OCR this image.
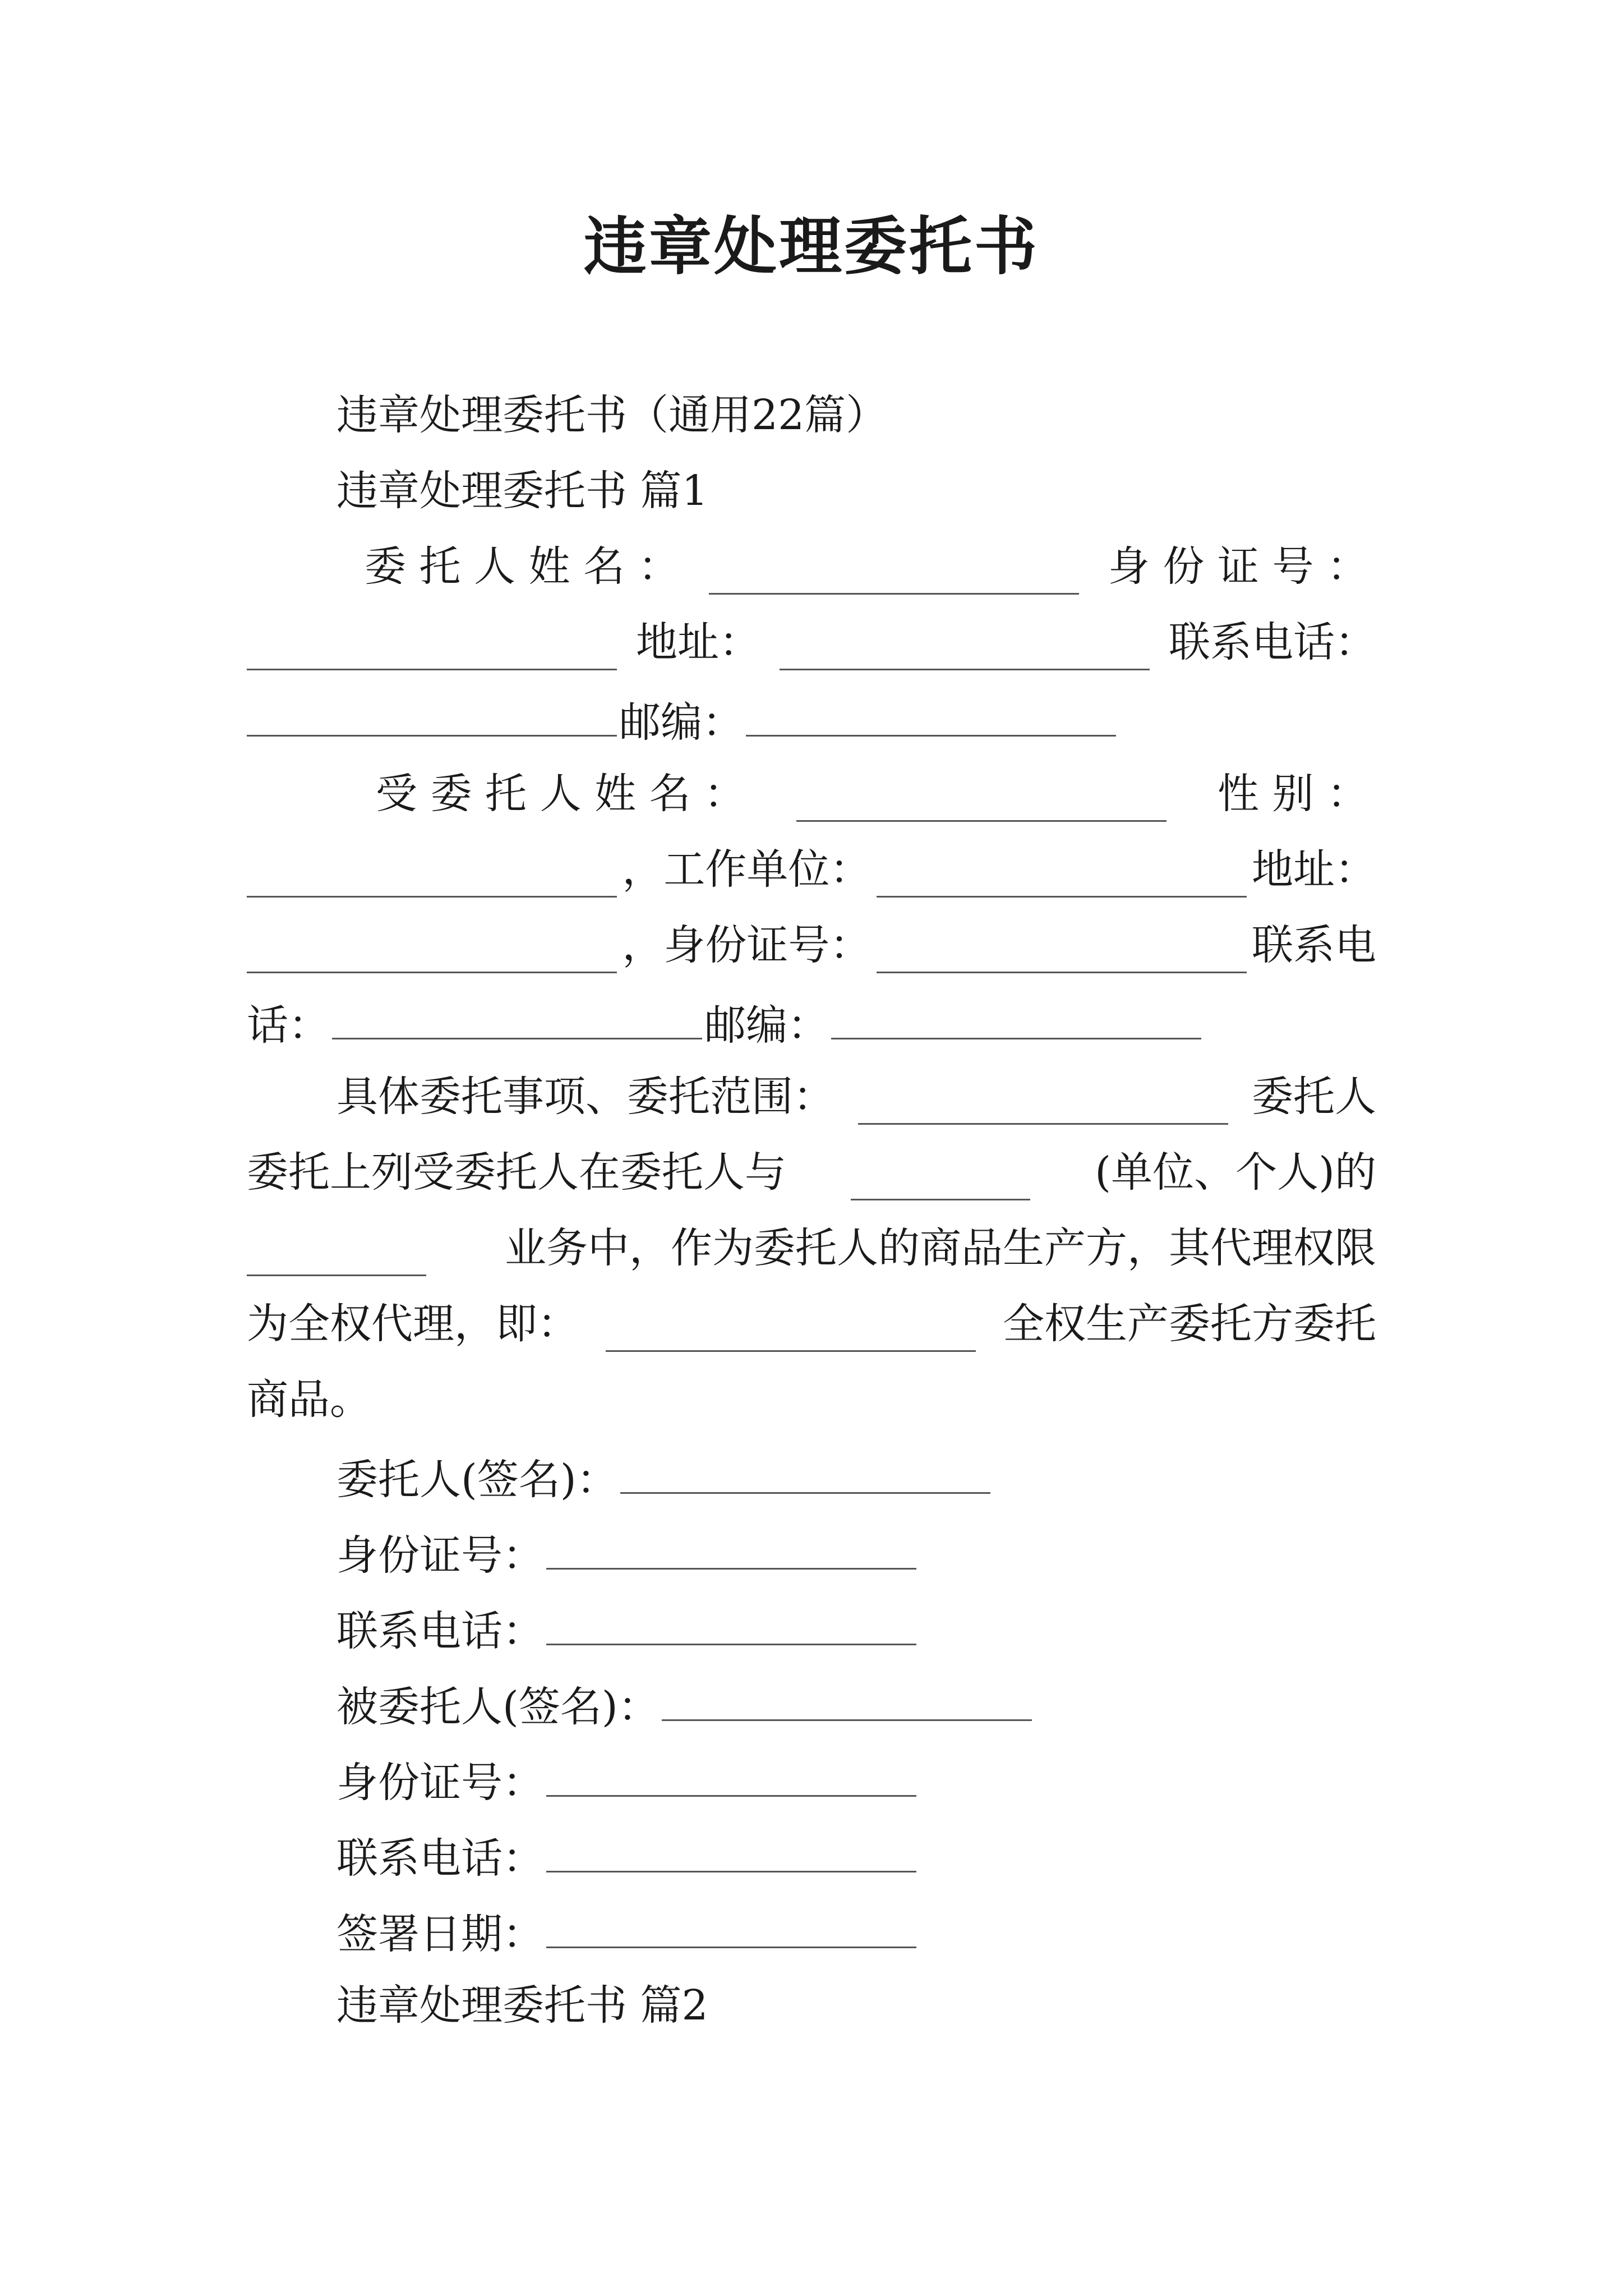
违章处理委托书
违章处理委托书（通用22篇）
违章处理委托书 篇1
委 托 人 姓 名 ：	身 份 证 号 ：
地址：	联系电话：
邮编：
受 委 托 人 姓 名 ：	性 别 ：
，工作单位：	地址：
，身份证号：	联系电
话：	邮编：
具体委托事项、委托范围：	委托人
委托上列受委托人在委托人与	(单位、个人)的
业务中，作为委托人的商品生产方，其代理权限
为全权代理，即：	全权生产委托方委托
商品。
委托人(签名)：
身份证号：
联系电话：
被委托人(签名)：
身份证号：
联系电话：
签署日期：
违章处理委托书 篇2
